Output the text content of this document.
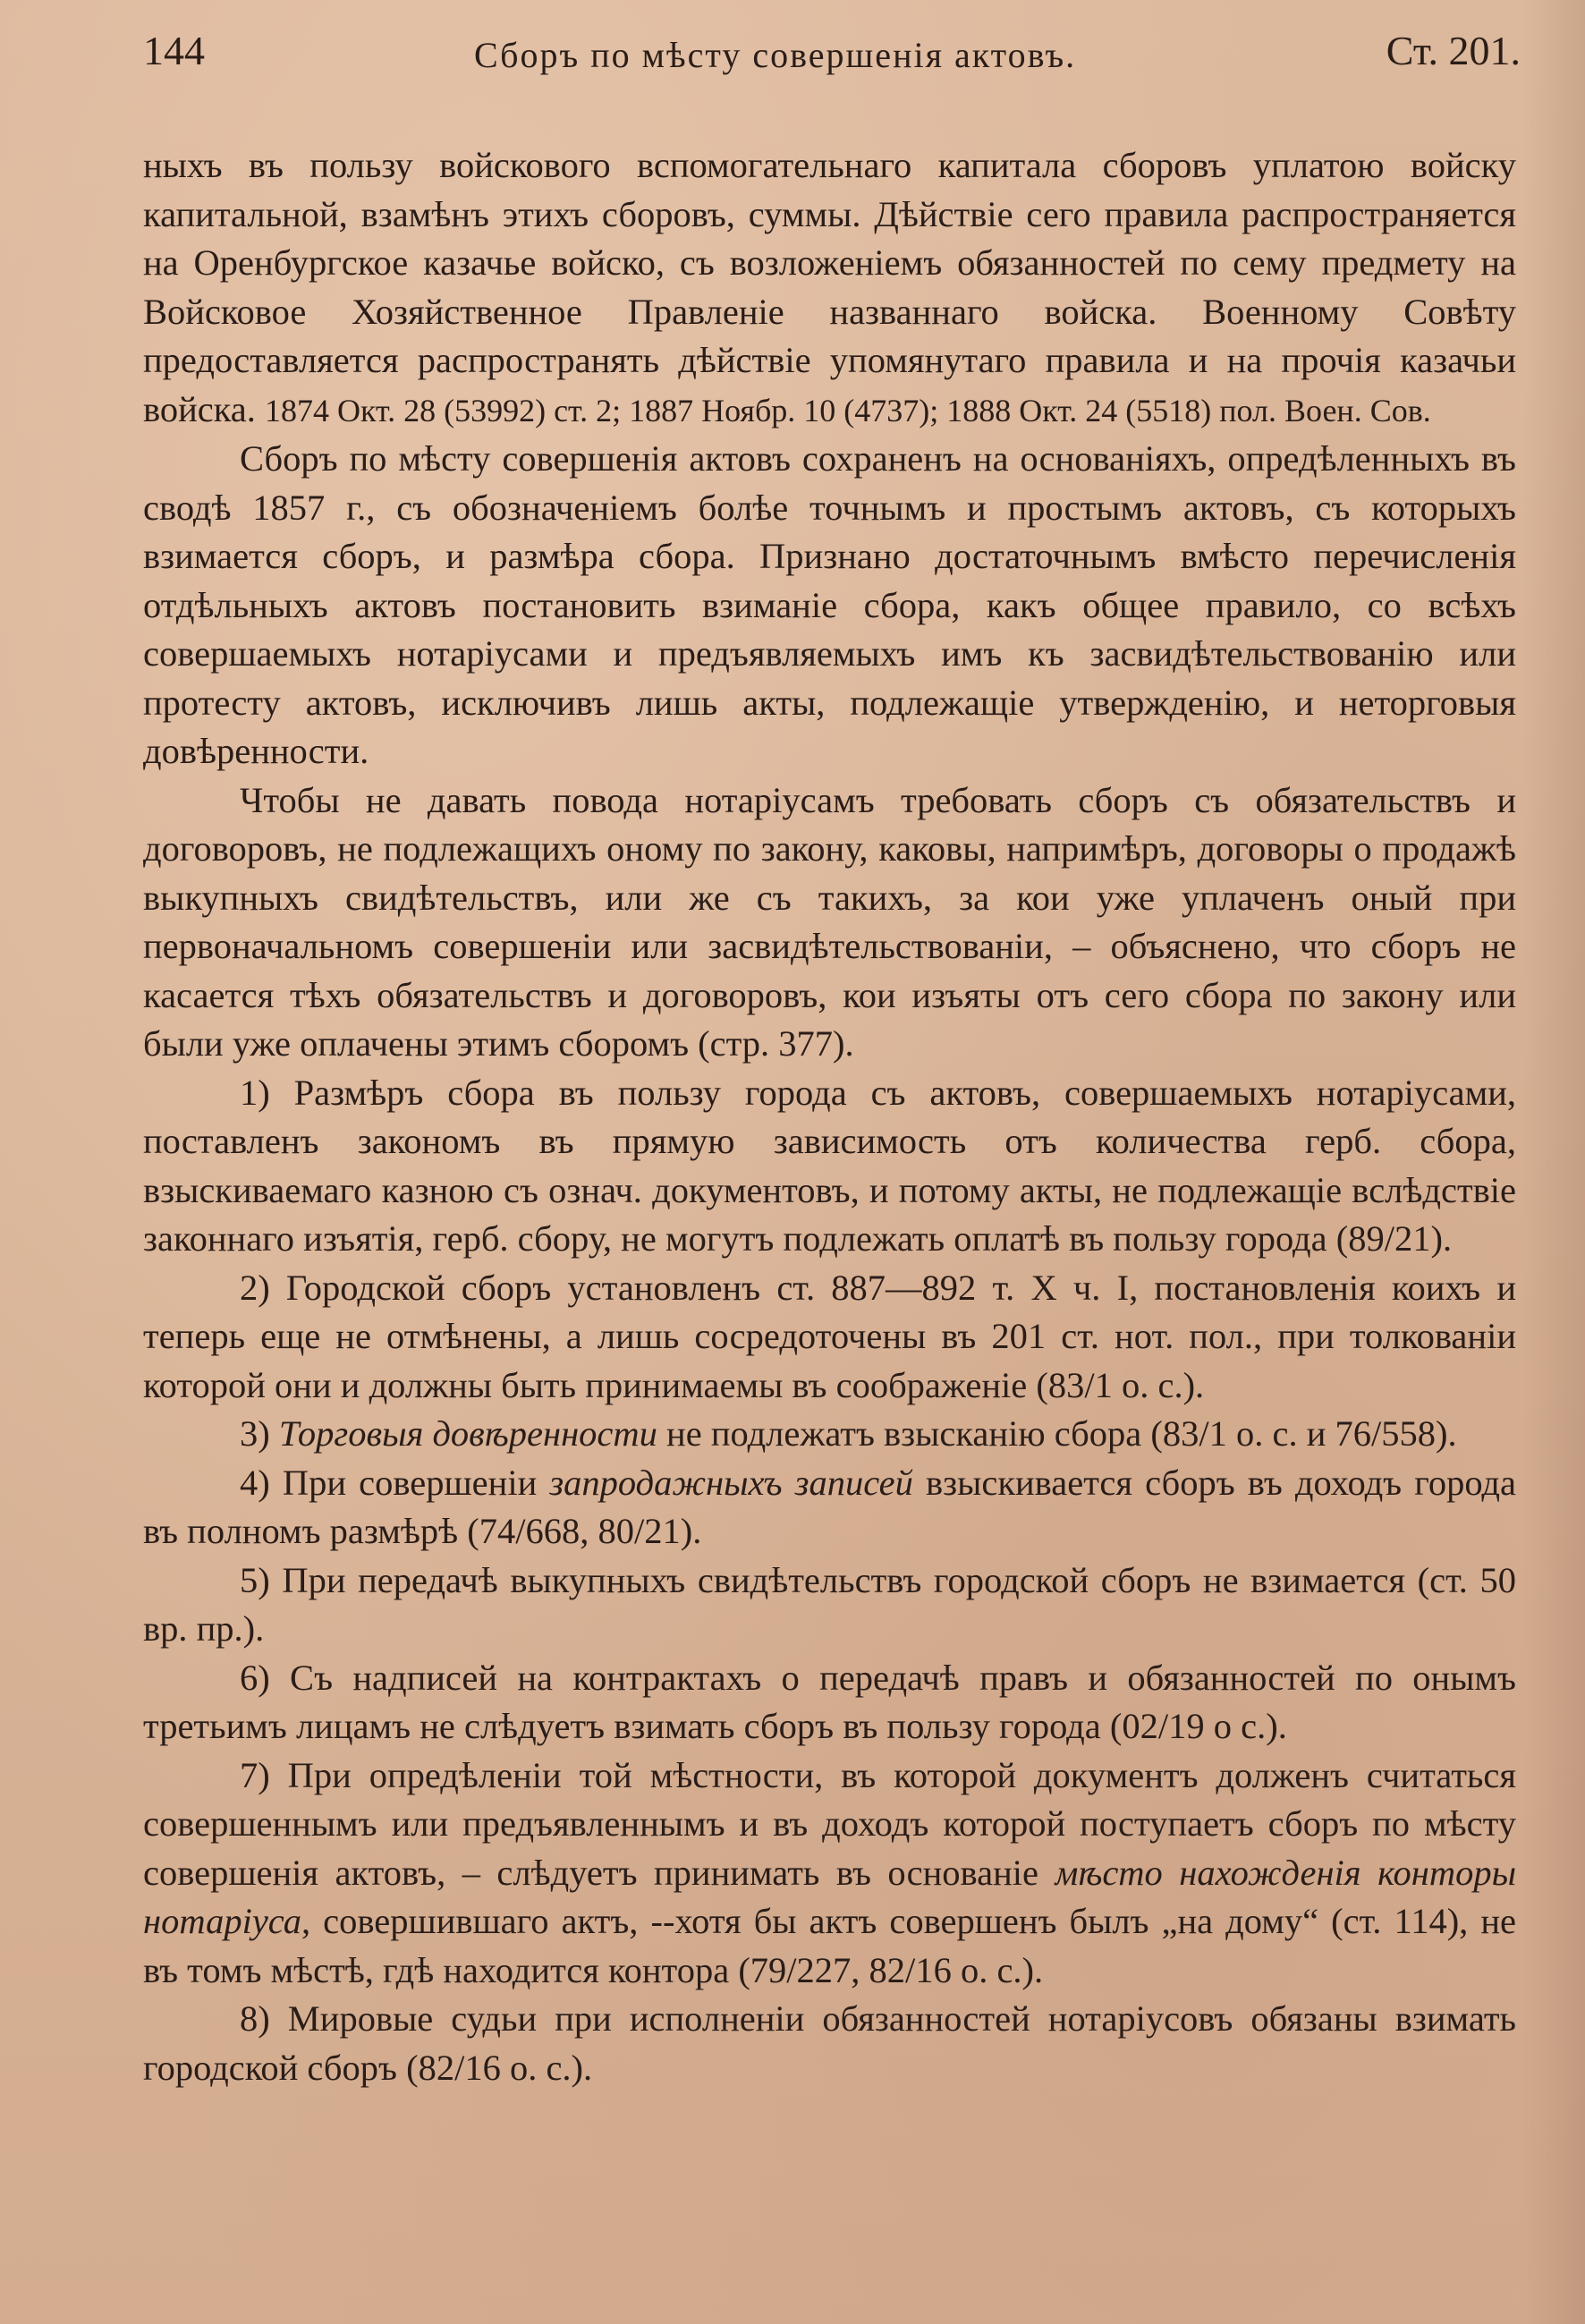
144	Сборъ по мѣсту совершенія актовъ.	Ст. 201.

ныхъ въ пользу войскового вспомогательнаго капитала сборовъ уплатою войску капитальной, взамѣнъ этихъ сборовъ, суммы. Дѣйствіе сего правила распространяется на Оренбургское казачье войско, съ возложеніемъ обязанностей по сему предмету на Войсковое Хозяйственное Правленіе названнаго войска. Военному Совѣту предоставляется распространять дѣйствіе упомянутаго правила и на прочія казачьи войска. 1874 Окт. 28 (53992) ст. 2; 1887 Ноябр. 10 (4737); 1888 Окт. 24 (5518) пол. Воен. Сов.

Сборъ по мѣсту совершенія актовъ сохраненъ на основаніяхъ, опредѣленныхъ въ сводѣ 1857 г., съ обозначеніемъ болѣе точнымъ и простымъ актовъ, съ которыхъ взимается сборъ, и размѣра сбора. Признано достаточнымъ вмѣсто перечисленія отдѣльныхъ актовъ постановить взиманіе сбора, какъ общее правило, со всѣхъ совершаемыхъ нотаріусами и предъявляемыхъ имъ къ засвидѣтельствованію или протесту актовъ, исключивъ лишь акты, подлежащіе утвержденію, и неторговыя довѣренности.

Чтобы не давать повода нотаріусамъ требовать сборъ съ обязательствъ и договоровъ, не подлежащихъ оному по закону, каковы, напримѣръ, договоры о продажѣ выкупныхъ свидѣтельствъ, или же съ такихъ, за кои уже уплаченъ оный при первоначальномъ совершеніи или засвидѣтельствованіи, – объяснено, что сборъ не касается тѣхъ обязательствъ и договоровъ, кои изъяты отъ сего сбора по закону или были уже оплачены этимъ сборомъ (стр. 377).

1) Размѣръ сбора въ пользу города съ актовъ, совершаемыхъ нотаріусами, поставленъ закономъ въ прямую зависимость отъ количества герб. сбора, взыскиваемаго казною съ означ. документовъ, и потому акты, не подлежащіе вслѣдствіе законнаго изъятія, герб. сбору, не могутъ подлежать оплатѣ въ пользу города (89/21).

2) Городской сборъ установленъ ст. 887—892 т. X ч. I, постановленія коихъ и теперь еще не отмѣнены, а лишь сосредоточены въ 201 ст. нот. пол., при толкованіи которой они и должны быть принимаемы въ соображеніе (83/1 о. с.).

3) Торговыя довѣренности не подлежатъ взысканію сбора (83/1 о. с. и 76/558).

4) При совершеніи запродажныхъ записей взыскивается сборъ въ доходъ города въ полномъ размѣрѣ (74/668, 80/21).

5) При передачѣ выкупныхъ свидѣтельствъ городской сборъ не взимается (ст. 50 вр. пр.).

6) Съ надписей на контрактахъ о передачѣ правъ и обязанностей по онымъ третьимъ лицамъ не слѣдуетъ взимать сборъ въ пользу города (02/19 о с.).

7) При опредѣленіи той мѣстности, въ которой документъ долженъ считаться совершеннымъ или предъявленнымъ и въ доходъ которой поступаетъ сборъ по мѣсту совершенія актовъ, – слѣдуетъ принимать въ основаніе мѣсто нахожденія конторы нотаріуса, совершившаго актъ, --хотя бы актъ совершенъ былъ „на дому“ (ст. 114), не въ томъ мѣстѣ, гдѣ находится контора (79/227, 82/16 о. с.).

8) Мировые судьи при исполненіи обязанностей нотаріусовъ обязаны взимать городской сборъ (82/16 о. с.).
